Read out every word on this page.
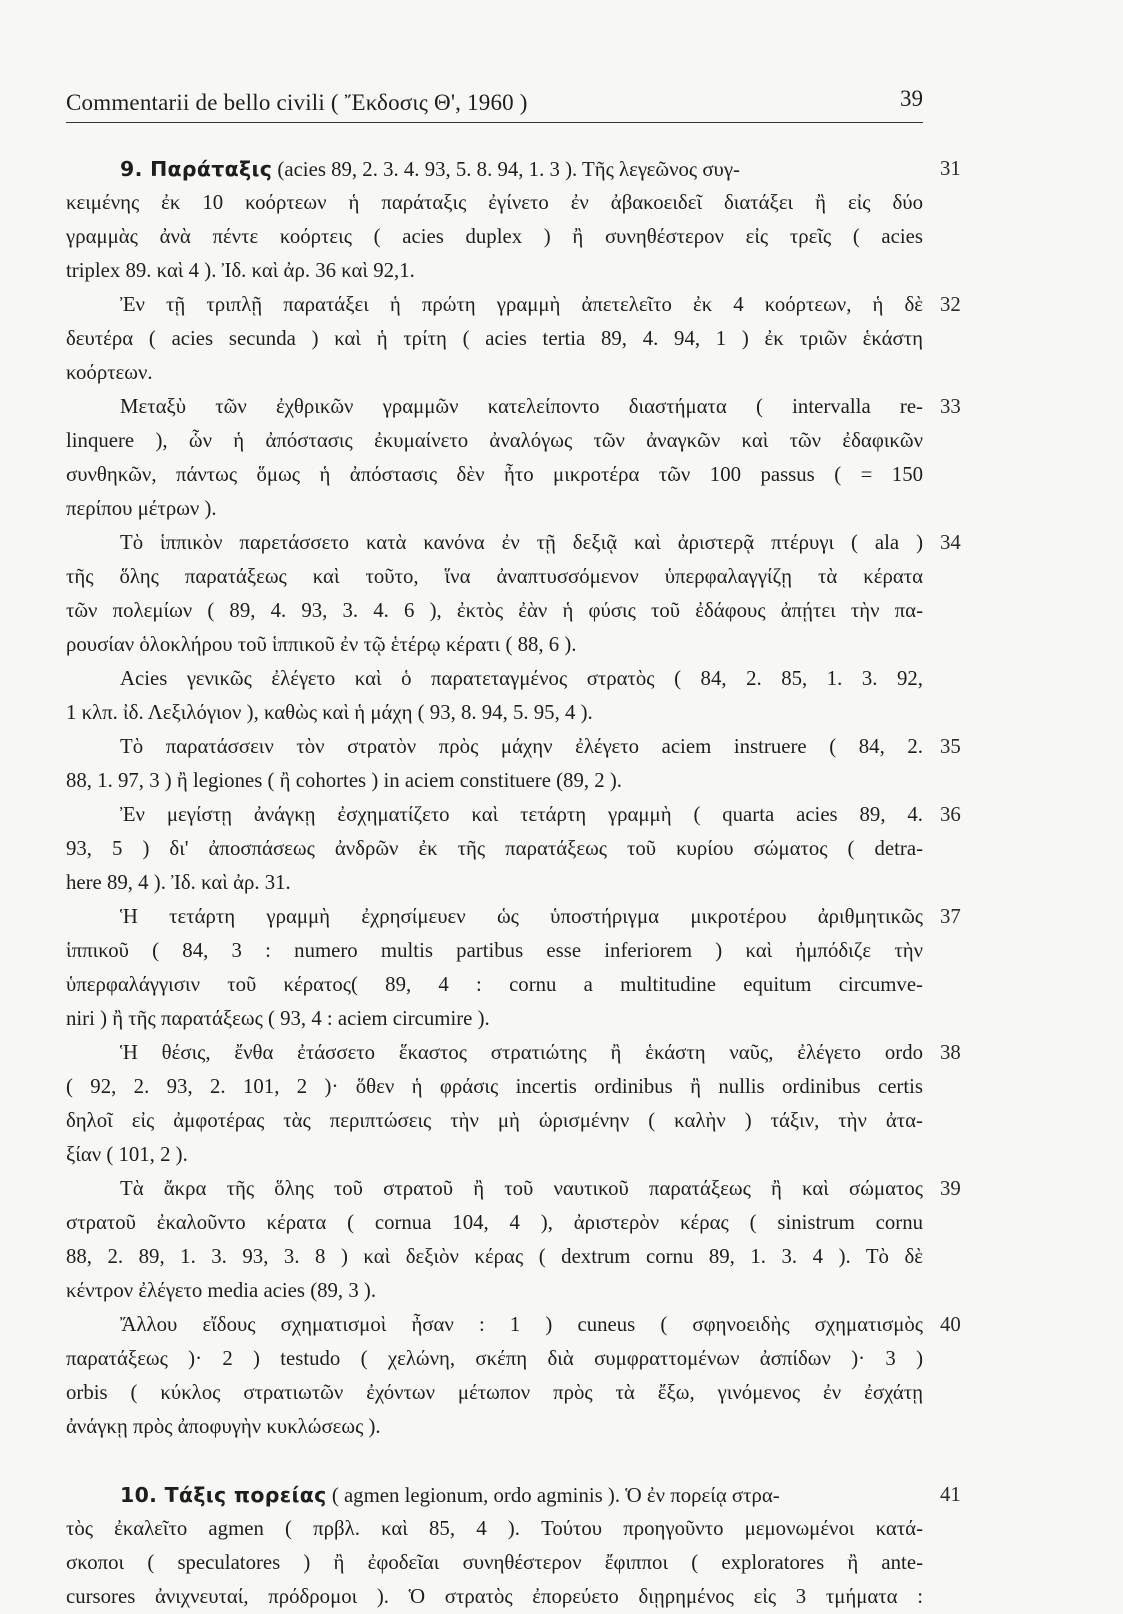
Commentarii de bello civili ( Ἔκδοσις Θ', 1960 )	39
9. Παράταξις (acies 89, 2. 3. 4. 93, 5. 8. 94, 1. 3 ). Τῆς λεγεῶνος συγ-	31
κειμένης ἐκ 10 κοόρτεων ἡ παράταξις ἐγίνετο ἐν ἀβακοειδεῖ διατάξει ἢ εἰς δύο
γραμμὰς ἀνὰ πέντε κοόρτεις ( acies duplex ) ἢ συνηθέστερον εἰς τρεῖς ( acies
triplex 89. καὶ 4 ). Ἰδ. καὶ ἀρ. 36 καὶ 92,1.
Ἐν τῇ τριπλῇ παρατάξει ἡ πρώτη γραμμὴ ἀπετελεῖτο ἐκ 4 κοόρτεων, ἡ δὲ 32
δευτέρα ( acies secunda ) καὶ ἡ τρίτη ( acies tertia 89, 4. 94, 1 ) ἐκ τριῶν ἑκάστη
κοόρτεων.
Μεταξὺ τῶν ἐχθρικῶν γραμμῶν κατελείποντο διαστήματα ( intervalla re- 33
linquere ), ὧν ἡ ἀπόστασις ἐκυμαίνετο ἀναλόγως τῶν ἀναγκῶν καὶ τῶν ἐδαφικῶν
συνθηκῶν, πάντως ὅμως ἡ ἀπόστασις δὲν ἦτο μικροτέρα τῶν 100 passus ( = 150
περίπου μέτρων ).
Τὸ ἱππικὸν παρετάσσετο κατὰ κανόνα ἐν τῇ δεξιᾷ καὶ ἀριστερᾷ πτέρυγι ( ala ) 34
τῆς ὅλης παρατάξεως καὶ τοῦτο, ἵνα ἀναπτυσσόμενον ὑπερφαλαγγίζῃ τὰ κέρατα
τῶν πολεμίων ( 89, 4. 93, 3. 4. 6 ), ἐκτὸς ἐὰν ἡ φύσις τοῦ ἐδάφους ἀπῄτει τὴν πα-
ρουσίαν ὁλοκλήρου τοῦ ἱππικοῦ ἐν τῷ ἑτέρῳ κέρατι ( 88, 6 ).
Acies γενικῶς ἐλέγετο καὶ ὁ παρατεταγμένος στρατὸς ( 84, 2. 85, 1. 3. 92,
1 κλπ. ἰδ. Λεξιλόγιον ), καθὼς καὶ ἡ μάχη ( 93, 8. 94, 5. 95, 4 ).
Τὸ παρατάσσειν τὸν στρατὸν πρὸς μάχην ἐλέγετο aciem instruere ( 84, 2. 35
88, 1. 97, 3 ) ἢ legiones ( ἢ cohortes ) in aciem constituere (89, 2 ).
Ἐν μεγίστῃ ἀνάγκῃ ἐσχηματίζετο καὶ τετάρτη γραμμὴ ( quarta acies 89, 4. 36
93, 5 ) δι' ἀποσπάσεως ἀνδρῶν ἐκ τῆς παρατάξεως τοῦ κυρίου σώματος ( detra-
here 89, 4 ). Ἰδ. καὶ ἀρ. 31.
Ἡ τετάρτη γραμμὴ ἐχρησίμευεν ὡς ὑποστήριγμα μικροτέρου ἀριθμητικῶς 37
ἱππικοῦ ( 84, 3 : numero multis partibus esse inferiorem ) καὶ ἠμπόδιζε τὴν
ὑπερφαλάγγισιν τοῦ κέρατος( 89, 4 : cornu a multitudine equitum circumve-
niri ) ἢ τῆς παρατάξεως ( 93, 4 : aciem circumire ).
Ἡ θέσις, ἔνθα ἐτάσσετο ἕκαστος στρατιώτης ἢ ἑκάστη ναῦς, ἐλέγετο ordo 38
( 92, 2. 93, 2. 101, 2 )· ὅθεν ἡ φράσις incertis ordinibus ἢ nullis ordinibus certis
δηλοῖ εἰς ἀμφοτέρας τὰς περιπτώσεις τὴν μὴ ὡρισμένην ( καλὴν ) τάξιν, τὴν ἀτα-
ξίαν ( 101, 2 ).
Τὰ ἄκρα τῆς ὅλης τοῦ στρατοῦ ἢ τοῦ ναυτικοῦ παρατάξεως ἢ καὶ σώματος 39
στρατοῦ ἐκαλοῦντο κέρατα ( cornua 104, 4 ), ἀριστερὸν κέρας ( sinistrum cornu
88, 2. 89, 1. 3. 93, 3. 8 ) καὶ δεξιὸν κέρας ( dextrum cornu 89, 1. 3. 4 ). Τὸ δὲ
κέντρον ἐλέγετο media acies (89, 3 ).
Ἄλλου εἴδους σχηματισμοὶ ἦσαν : 1 ) cuneus ( σφηνοειδὴς σχηματισμὸς 40
παρατάξεως )· 2 ) testudo ( χελώνη, σκέπη διὰ συμφραττομένων ἀσπίδων )· 3 )
orbis ( κύκλος στρατιωτῶν ἐχόντων μέτωπον πρὸς τὰ ἔξω, γινόμενος ἐν ἐσχάτῃ
ἀνάγκῃ πρὸς ἀποφυγὴν κυκλώσεως ).
10. Τάξις πορείας ( agmen legionum, ordo agminis ). Ὁ ἐν πορείᾳ στρα-	41
τὸς ἐκαλεῖτο agmen ( πρβλ. καὶ 85, 4 ). Τούτου προηγοῦντο μεμονωμένοι κατά-
σκοποι ( speculatores ) ἢ ἐφοδεῖαι συνηθέστερον ἔφιπποι ( exploratores ἢ ante-
cursores ἀνιχνευταί, πρόδρομοι ). Ὁ στρατὸς ἐπορεύετο διῃρημένος εἰς 3 τμήματα :
